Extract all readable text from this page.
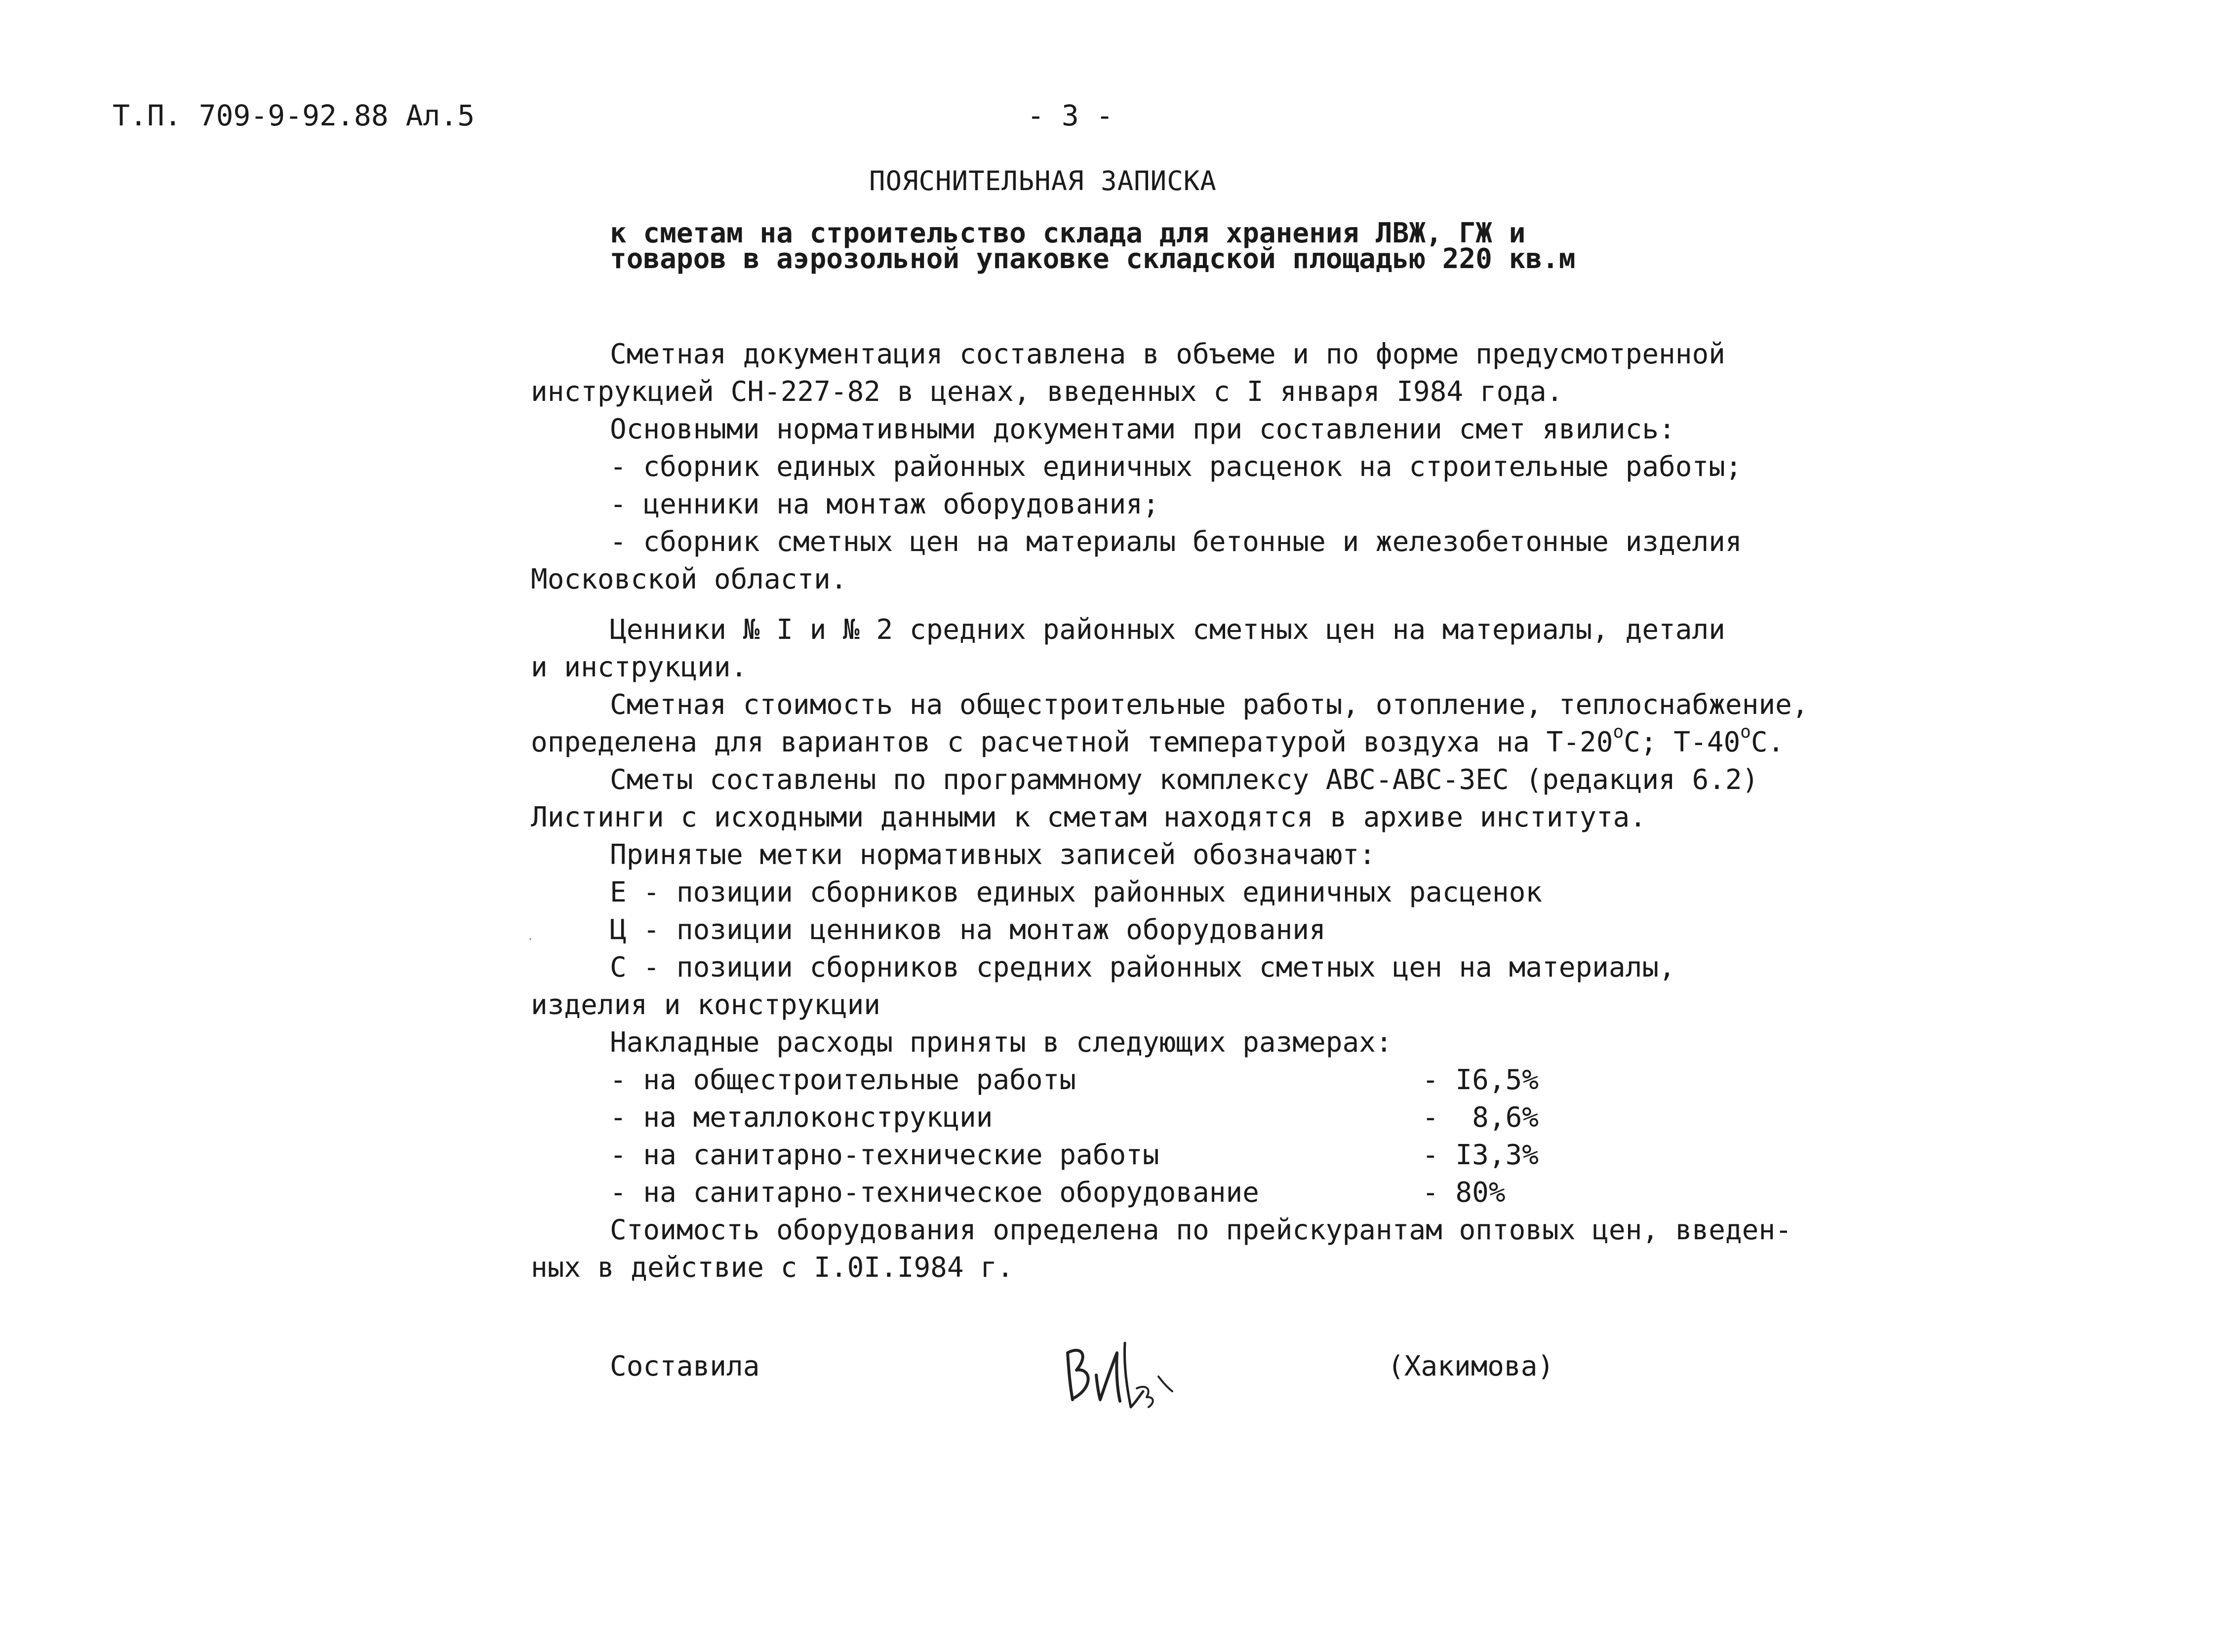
Т.П. 709-9-92.88 Ал.5	- 3 -
ПОЯСНИТЕЛЬНАЯ ЗАПИСКА
к сметам на строительство склада для хранения ЛВЖ, ГЖ и
товаров в аэрозольной упаковке складской площадью 220 кв.м
Сметная документация составлена в объеме и по форме предусмотренной
инструкцией СН-227-82 в ценах, введенных с I января I984 года.
Основными нормативными документами при составлении смет явились:
- сборник единых районных единичных расценок на строительные работы;
- ценники на монтаж оборудования;
- сборник сметных цен на материалы бетонные и железобетонные изделия
Московской области.
Ценники № I и № 2 средних районных сметных цен на материалы, детали
и инструкции.
Сметная стоимость на общестроительные работы, отопление, теплоснабжение,
определена для вариантов с расчетной температурой воздуха на $Т-20^оС$; $Т-40^оС$.
Сметы составлены по программному комплексу АВС-АВС-3ЕС (редакция 6.2)
Листинги с исходными данными к сметам находятся в архиве института.
Принятые метки нормативных записей обозначают:
Е - позиции сборников единых районных единичных расценок
Ц - позиции ценников на монтаж оборудования
С - позиции сборников средних районных сметных цен на материалы,
изделия и конструкции
Накладные расходы приняты в следующих размерах:
- на общестроительные работы	- I6,5%
- на металлоконструкции	-  8,6%
- на санитарно-технические работы	- I3,3%
- на санитарно-техническое оборудование	- 80%
Стоимость оборудования определена по прейскурантам оптовых цен, введен-
ных в действие с I.0I.I984 г.
Составила	(Хакимова)
